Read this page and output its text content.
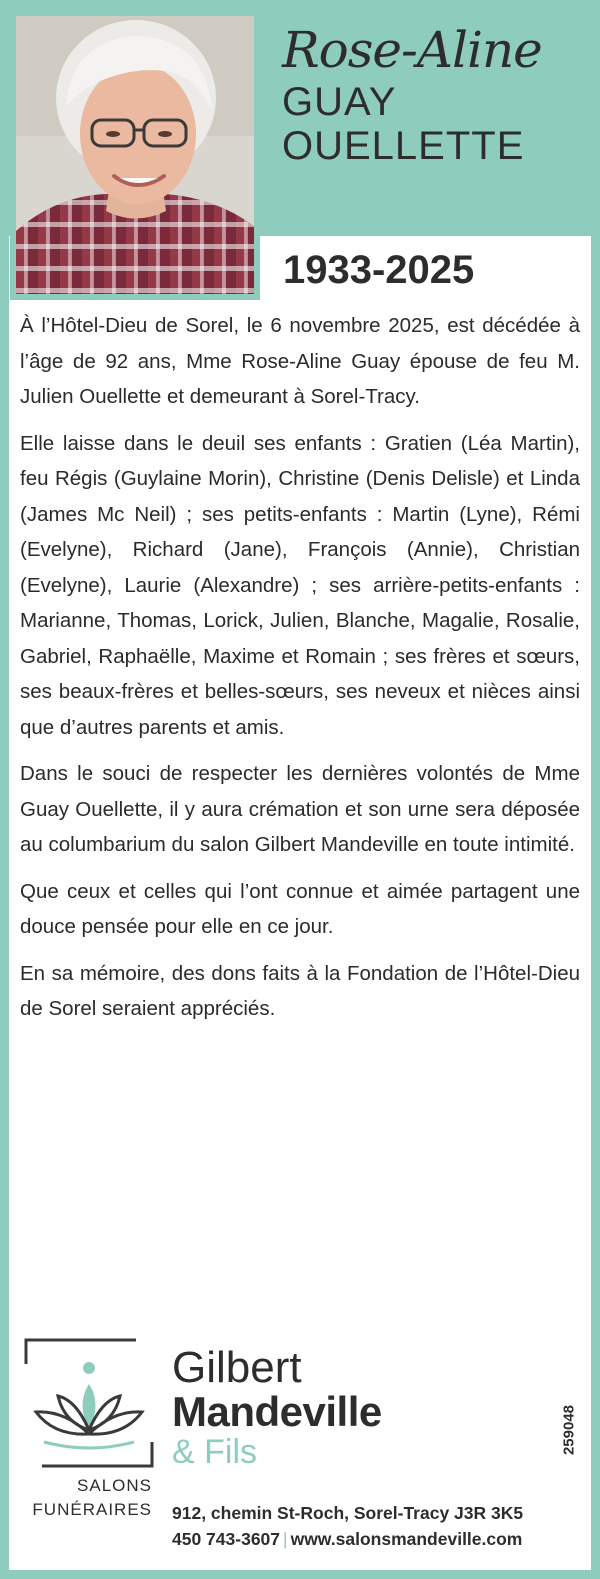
Rose-Aline
GUAY
OUELLETTE
1933-2025

À l’Hôtel-Dieu de Sorel, le 6 novembre 2025, est décédée à l’âge de 92 ans, Mme Rose-Aline Guay épouse de feu M. Julien Ouellette et demeurant à Sorel-Tracy.

Elle laisse dans le deuil ses enfants : Gratien (Léa Martin), feu Régis (Guylaine Morin), Christine (Denis Delisle) et Linda (James Mc Neil) ; ses petits-enfants : Martin (Lyne), Rémi (Evelyne), Richard (Jane), François (Annie), Christian (Evelyne), Laurie (Alexandre) ; ses arrière-petits-enfants : Marianne, Thomas, Lorick, Julien, Blanche, Magalie, Rosalie, Gabriel, Raphaëlle, Maxime et Romain ; ses frères et sœurs, ses beaux-frères et belles-sœurs, ses neveux et nièces ainsi que d’autres parents et amis.

Dans le souci de respecter les dernières volontés de Mme Guay Ouellette, il y aura crémation et son urne sera déposée au columbarium du salon Gilbert Mandeville en toute intimité.

Que ceux et celles qui l’ont connue et aimée partagent une douce pensée pour elle en ce jour.

En sa mémoire, des dons faits à la Fondation de l’Hôtel-Dieu de Sorel seraient appréciés.

Gilbert
Mandeville
& Fils
SALONS
FUNÉRAIRES 912, chemin St-Roch, Sorel-Tracy J3R 3K5
450 743-3607 | www.salonsmandeville.com
259048
